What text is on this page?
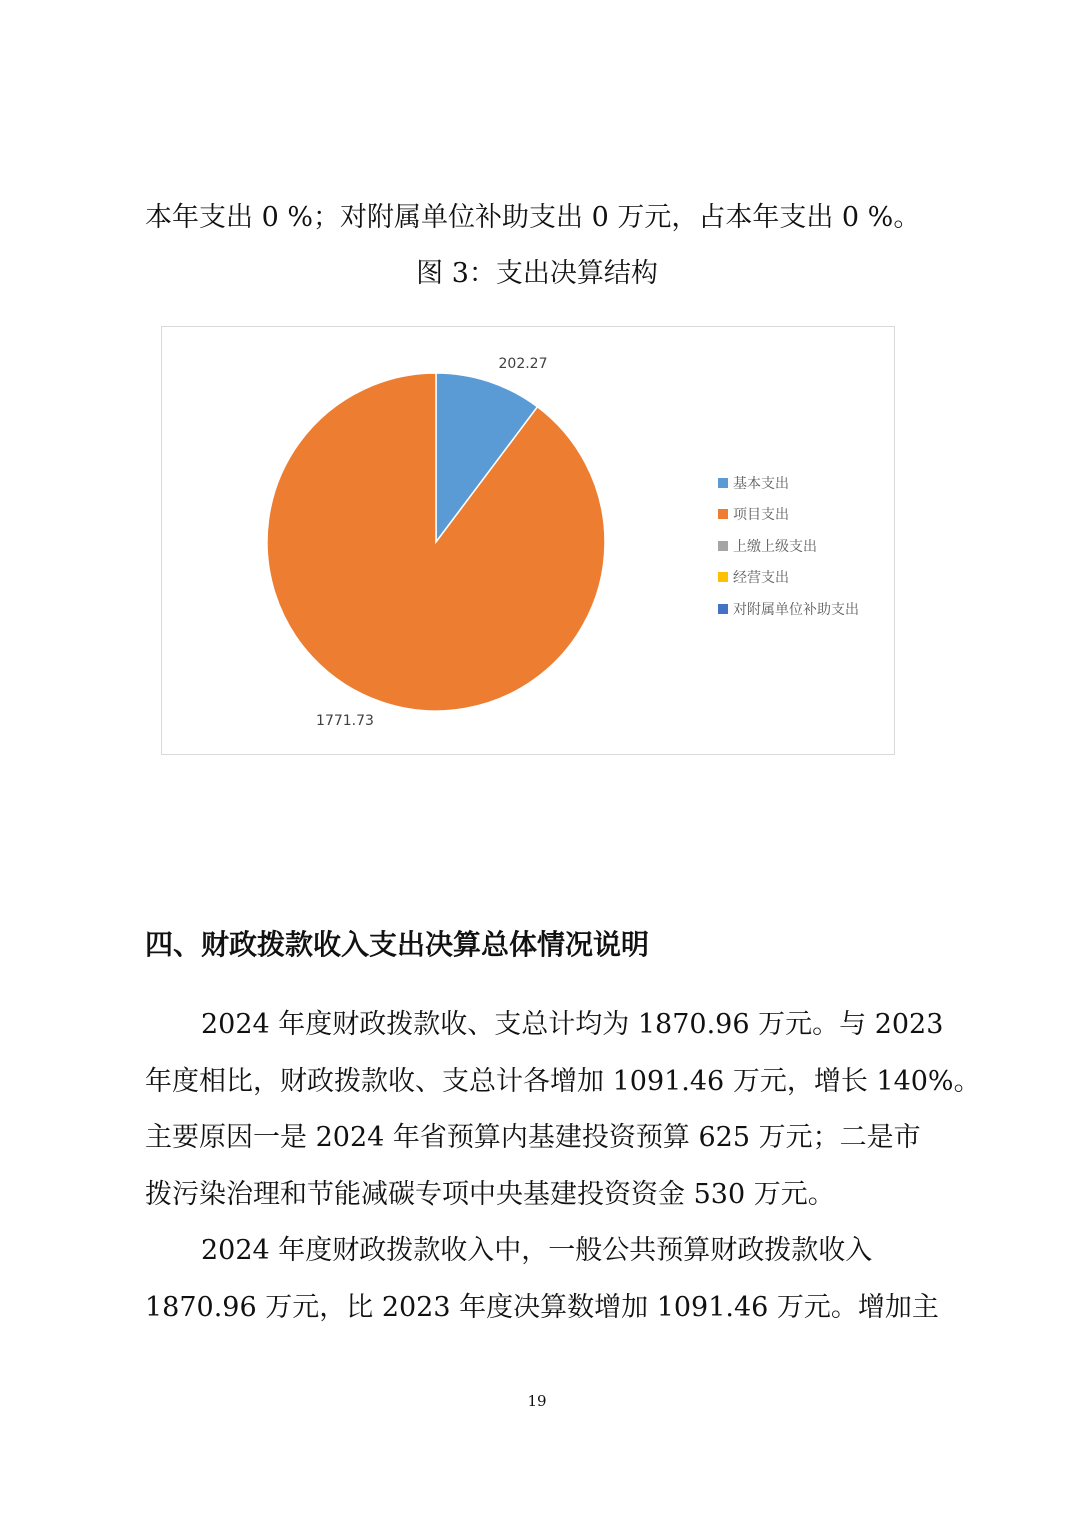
本年支出 0 %；对附属单位补助支出 0 万元，占本年支出 0 %。
图 3：支出决算结构
202.27
1771.73
基本支出
项目支出
上缴上级支出
经营支出
对附属单位补助支出
四、财政拨款收入支出决算总体情况说明
2024 年度财政拨款收、支总计均为 1870.96 万元。与 2023
年度相比，财政拨款收、支总计各增加 1091.46 万元，增长 140%。
主要原因一是 2024 年省预算内基建投资预算 625 万元；二是市
拨污染治理和节能减碳专项中央基建投资资金 530 万元。
2024 年度财政拨款收入中，一般公共预算财政拨款收入
1870.96 万元，比 2023 年度决算数增加 1091.46 万元。增加主
19
